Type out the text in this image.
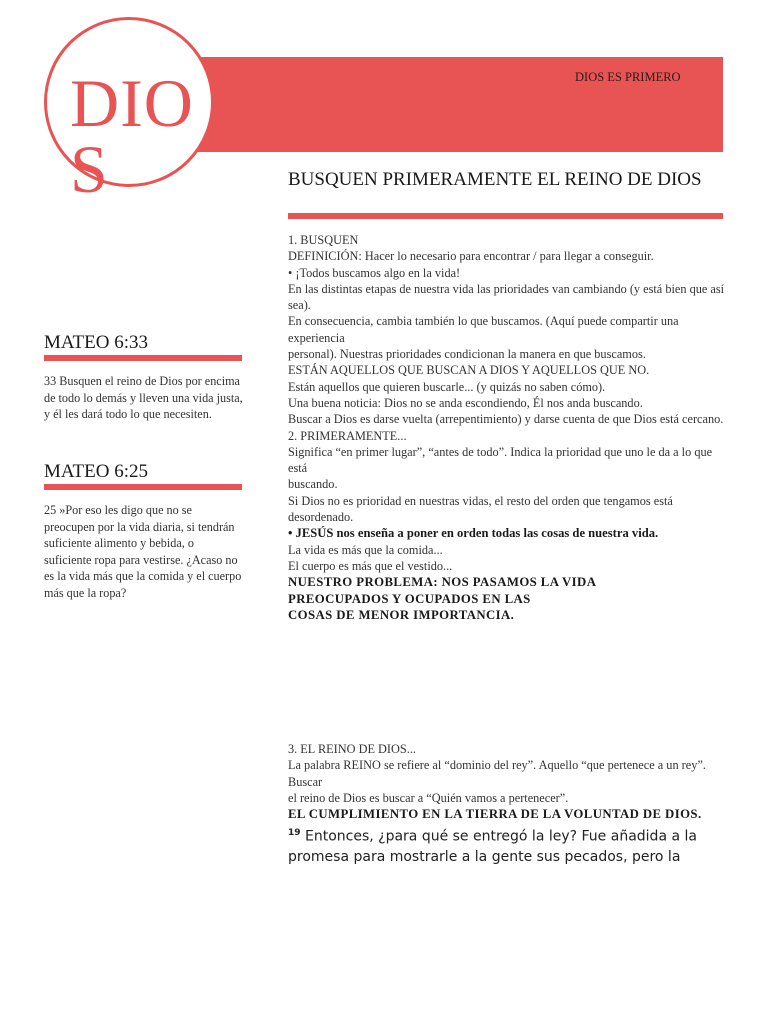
DIOS ES PRIMERO
DIOS	BUSQUEN PRIMERAMENTE EL REINO DE DIOS
MATEO 6:33
33 Busquen el reino de Dios por encima de todo lo demás y lleven una vida justa, y él les dará todo lo que necesiten.
MATEO 6:25
25 »Por eso les digo que no se preocupen por la vida diaria, si tendrán suficiente alimento y bebida, o suficiente ropa para vestirse. ¿Acaso no es la vida más que la comida y el cuerpo más que la ropa?

1. BUSQUEN

DEFINICIÓN: Hacer lo necesario para encontrar / para llegar a conseguir.

• ¡Todos buscamos algo en la vida!

En las distintas etapas de nuestra vida las prioridades van cambiando (y está bien que así sea).

En consecuencia, cambia también lo que buscamos. (Aquí puede compartir una experiencia

personal). Nuestras prioridades condicionan la manera en que buscamos.

ESTÁN AQUELLOS QUE BUSCAN A DIOS Y AQUELLOS QUE NO.

Están aquellos que quieren buscarle... (y quizás no saben cómo).

Una buena noticia: Dios no se anda escondiendo, Él nos anda buscando.

Buscar a Dios es darse vuelta (arrepentimiento) y darse cuenta de que Dios está cercano.

2. PRIMERAMENTE...

Significa “en primer lugar”, “antes de todo”. Indica la prioridad que uno le da a lo que está

buscando.

Si Dios no es prioridad en nuestras vidas, el resto del orden que tengamos está desordenado.

• JESÚS nos enseña a poner en orden todas las cosas de nuestra vida.

La vida es más que la comida...

El cuerpo es más que el vestido...

NUESTRO PROBLEMA: NOS PASAMOS LA VIDA

PREOCUPADOS Y OCUPADOS EN LAS

COSAS DE MENOR IMPORTANCIA.

3. EL REINO DE DIOS...

La palabra REINO se refiere al “dominio del rey”. Aquello “que pertenece a un rey”. Buscar

el reino de Dios es buscar a “Quién vamos a pertenecer”.

EL CUMPLIMIENTO EN LA TIERRA DE LA VOLUNTAD DE DIOS.

$^{19}$ Entonces, ¿para qué se entregó la ley? Fue añadida a la promesa para mostrarle a la gente sus pecados, pero la
